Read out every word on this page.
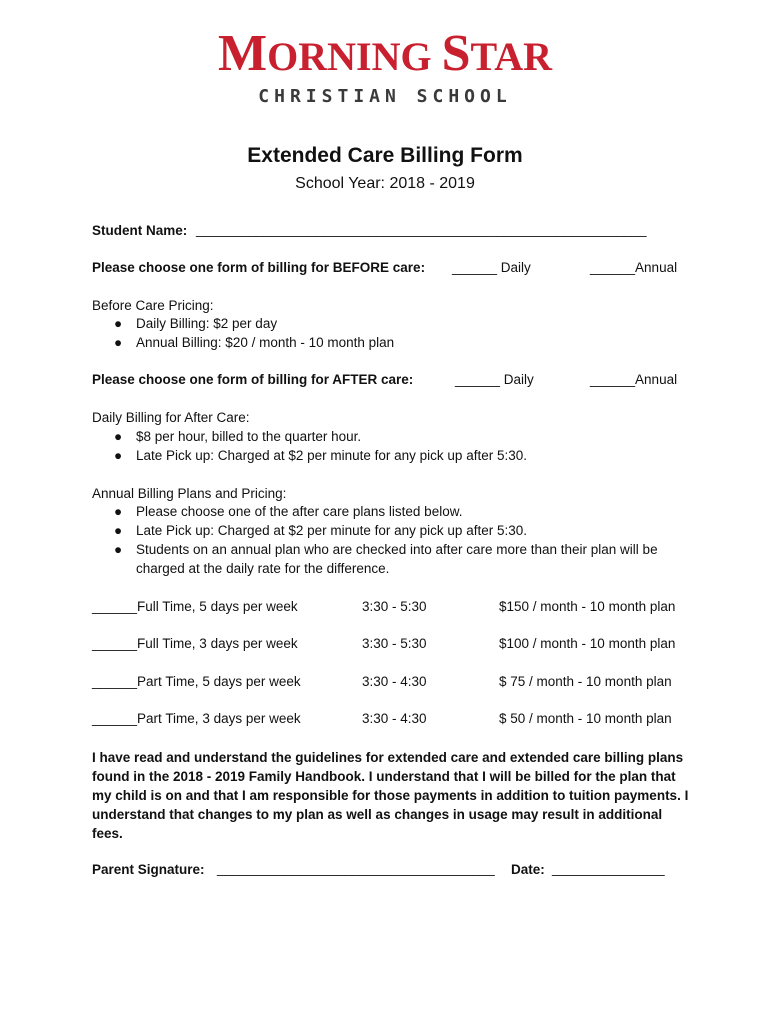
MORNING STAR
CHRISTIAN SCHOOL
Extended Care Billing Form
School Year: 2018 - 2019
Student Name: ____________________________________________________________
Please choose one form of billing for BEFORE care: ______ Daily	______Annual
Before Care Pricing:
● Daily Billing: $2 per day
● Annual Billing: $20 / month - 10 month plan
Please choose one form of billing for AFTER care:	______ Daily	______Annual
Daily Billing for After Care:
● $8 per hour, billed to the quarter hour.
● Late Pick up: Charged at $2 per minute for any pick up after 5:30.
Annual Billing Plans and Pricing:
● Please choose one of the after care plans listed below.
● Late Pick up: Charged at $2 per minute for any pick up after 5:30.
● Students on an annual plan who are checked into after care more than their plan will be
charged at the daily rate for the difference.
______Full Time, 5 days per week	3:30 - 5:30	$150 / month - 10 month plan
______Full Time, 3 days per week	3:30 - 5:30	$100 / month - 10 month plan
______Part Time, 5 days per week	3:30 - 4:30	$ 75 / month - 10 month plan
______Part Time, 3 days per week	3:30 - 4:30	$ 50 / month - 10 month plan
I have read and understand the guidelines for extended care and extended care billing plans found in the 2018 - 2019 Family Handbook. I understand that I will be billed for the plan that my child is on and that I am responsible for those payments in addition to tuition payments. I understand that changes to my plan as well as changes in usage may result in additional fees.
Parent Signature: _____________________________________ Date: _______________
